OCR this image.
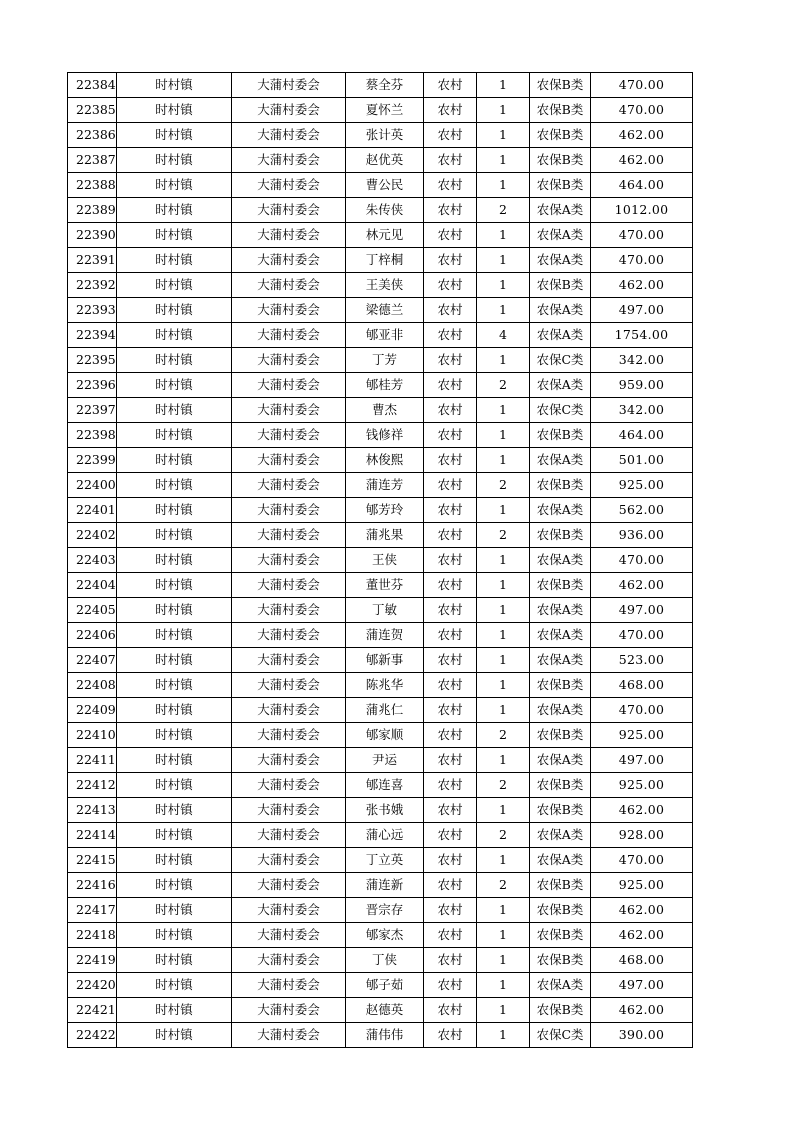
22384	时村镇	大蒲村委会	蔡全芬	农村	1	农保B类	470.00
22385	时村镇	大蒲村委会	夏怀兰	农村	1	农保B类	470.00
22386	时村镇	大蒲村委会	张计英	农村	1	农保B类	462.00
22387	时村镇	大蒲村委会	赵优英	农村	1	农保B类	462.00
22388	时村镇	大蒲村委会	曹公民	农村	1	农保B类	464.00
22389	时村镇	大蒲村委会	朱传侠	农村	2	农保A类	1012.00
22390	时村镇	大蒲村委会	林元见	农村	1	农保A类	470.00
22391	时村镇	大蒲村委会	丁梓桐	农村	1	农保A类	470.00
22392	时村镇	大蒲村委会	王美侠	农村	1	农保B类	462.00
22393	时村镇	大蒲村委会	梁德兰	农村	1	农保A类	497.00
22394	时村镇	大蒲村委会	郇亚非	农村	4	农保A类	1754.00
22395	时村镇	大蒲村委会	丁芳	农村	1	农保C类	342.00
22396	时村镇	大蒲村委会	郇桂芳	农村	2	农保A类	959.00
22397	时村镇	大蒲村委会	曹杰	农村	1	农保C类	342.00
22398	时村镇	大蒲村委会	钱修祥	农村	1	农保B类	464.00
22399	时村镇	大蒲村委会	林俊熙	农村	1	农保A类	501.00
22400	时村镇	大蒲村委会	蒲连芳	农村	2	农保B类	925.00
22401	时村镇	大蒲村委会	郇芳玲	农村	1	农保A类	562.00
22402	时村镇	大蒲村委会	蒲兆果	农村	2	农保B类	936.00
22403	时村镇	大蒲村委会	王侠	农村	1	农保A类	470.00
22404	时村镇	大蒲村委会	董世芬	农村	1	农保B类	462.00
22405	时村镇	大蒲村委会	丁敏	农村	1	农保A类	497.00
22406	时村镇	大蒲村委会	蒲连贺	农村	1	农保A类	470.00
22407	时村镇	大蒲村委会	郇新事	农村	1	农保A类	523.00
22408	时村镇	大蒲村委会	陈兆华	农村	1	农保B类	468.00
22409	时村镇	大蒲村委会	蒲兆仁	农村	1	农保A类	470.00
22410	时村镇	大蒲村委会	郇家顺	农村	2	农保B类	925.00
22411	时村镇	大蒲村委会	尹运	农村	1	农保A类	497.00
22412	时村镇	大蒲村委会	郇连喜	农村	2	农保B类	925.00
22413	时村镇	大蒲村委会	张书娥	农村	1	农保B类	462.00
22414	时村镇	大蒲村委会	蒲心远	农村	2	农保A类	928.00
22415	时村镇	大蒲村委会	丁立英	农村	1	农保A类	470.00
22416	时村镇	大蒲村委会	蒲连新	农村	2	农保B类	925.00
22417	时村镇	大蒲村委会	晋宗存	农村	1	农保B类	462.00
22418	时村镇	大蒲村委会	郇家杰	农村	1	农保B类	462.00
22419	时村镇	大蒲村委会	丁侠	农村	1	农保B类	468.00
22420	时村镇	大蒲村委会	郇子茹	农村	1	农保A类	497.00
22421	时村镇	大蒲村委会	赵德英	农村	1	农保B类	462.00
22422	时村镇	大蒲村委会	蒲伟伟	农村	1	农保C类	390.00
